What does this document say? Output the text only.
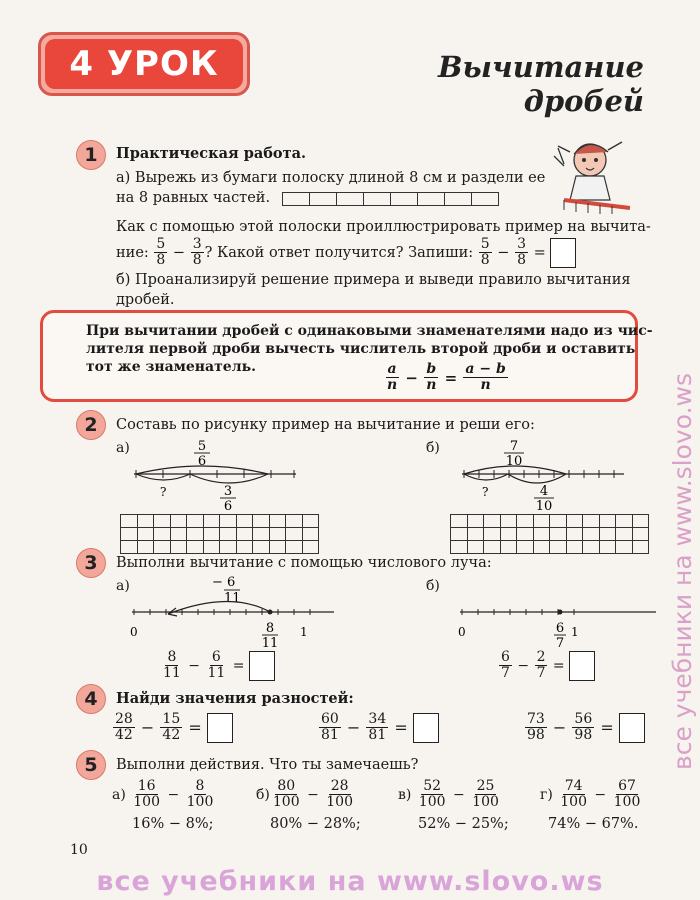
4 УРОК	Вычитание
дробей
1	Практическая работа.
а) Вырежь из бумаги полоску длиной 8 см и раздели ее
на 8 равных частей.

Как с помощью этой полоски проиллюстрировать пример на вычита-
ние:
$\frac{5}{8} - \frac{3}{8}$ ? Какой ответ получится? Запиши:
$\frac{5}{8} - \frac{3}{8}$ =
б) Проанализируй решение примера и выведи правило вычитания
дробей.
При вычитании дробей с одинаковыми знаменателями надо из чис-
лителя первой дроби вычесть числитель второй дроби и оставить
тот же знаменатель.	$\frac{a}{n} - \frac{b}{n} = \frac{a - b}{n}$
2	Составь по рисунку пример на вычитание и реши его:
а)	б)
5
6
?	3
6

7
10
?	4
10

3	Выполни вычитание с помощью числового луча:
а)	б)
− 6
11
0	1
8
11
$\frac{8}{11} - \frac{6}{11}$ =
0	1
6
7
$\frac{6}{7} - \frac{2}{7}$ =
4	Найди значения разностей:
$\frac{28}{42} - \frac{15}{42}$ =	$\frac{60}{81} - \frac{34}{81}$ =	$\frac{73}{98} - \frac{56}{98}$ =
5	Выполни действия. Что ты замечаешь?
а)
$\frac{16}{100} - \frac{8}{100}$	$б) \frac{80}{100} - \frac{28}{100}$	в)
$\frac{52}{100} - \frac{25}{100}$	г)
$\frac{74}{100} - \frac{67}{100}$
16% − 8%;	80% − 28%;	52% − 25%;	74% − 67%.
10
все учебники на www.slovo.ws
все учебники на www.slovo.ws
